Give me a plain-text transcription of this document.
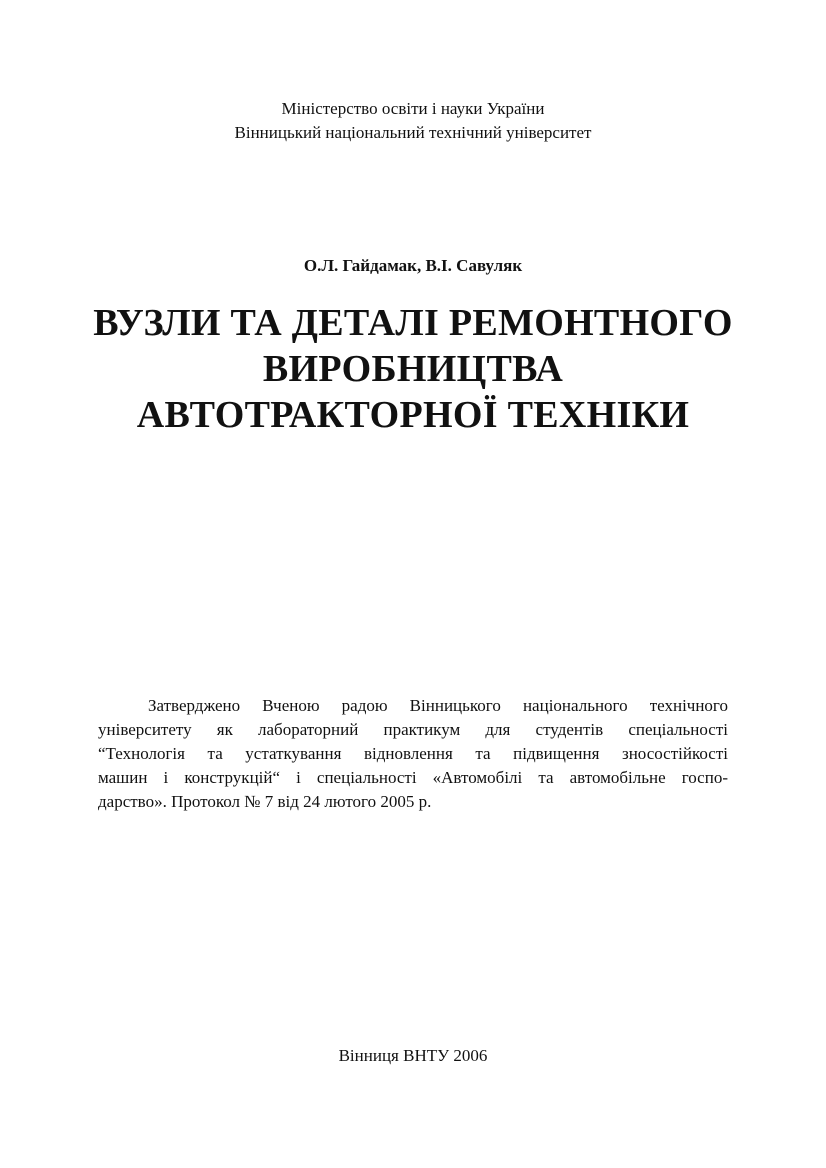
Міністерство освіти і науки України
Вінницький національний технічний університет
О.Л. Гайдамак, В.І. Савуляк
ВУЗЛИ ТА ДЕТАЛІ РЕМОНТНОГО
ВИРОБНИЦТВА
АВТОТРАКТОРНОЇ ТЕХНІКИ
Затверджено Вченою радою Вінницького національного технічного
університету як лабораторний практикум для студентів спеціальності
“Технологія та устаткування відновлення та підвищення зносостійкості
машин і конструкцій“ і спеціальності «Автомобілі та автомобільне госпо-
дарство». Протокол № 7 від 24 лютого 2005 р.
Вінниця ВНТУ 2006
